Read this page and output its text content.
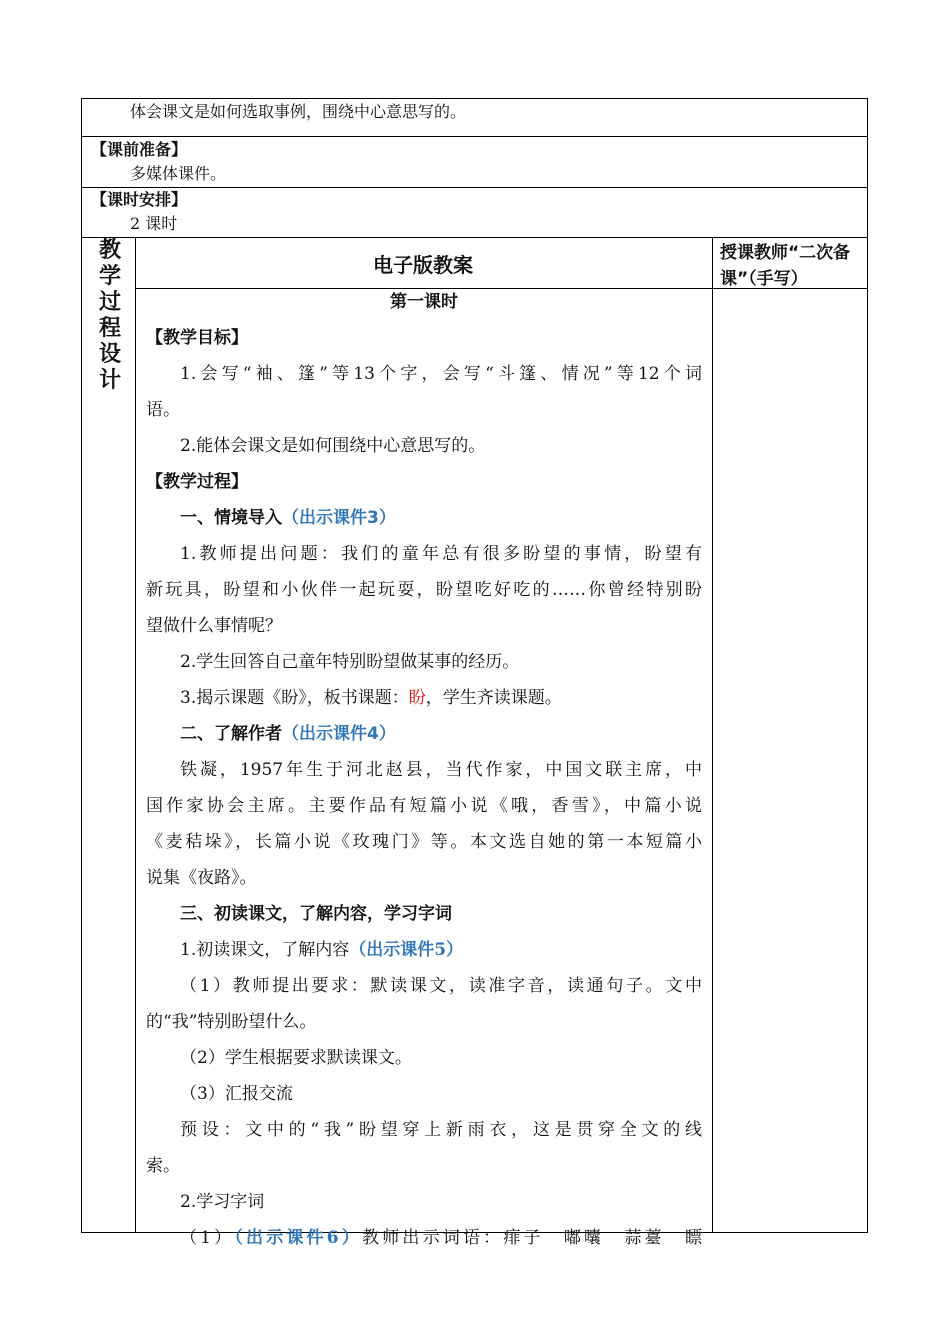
体会课文是如何选取事例，围绕中心意思写的。
【课前准备】
多媒体课件。
【课时安排】
2 课时
教
学
过
程
设
计
电子版教案	授课教师“二次备课”（手写）

第一课时

【教学目标】

1.会写“袖、篷”等13个字，会写“斗篷、情况”等12个词

语。

2.能体会课文是如何围绕中心意思写的。

【教学过程】

一、情境导入（出示课件3）

1.教师提出问题：我们的童年总有很多盼望的事情，盼望有

新玩具，盼望和小伙伴一起玩耍，盼望吃好吃的……你曾经特别盼

望做什么事情呢？

2.学生回答自己童年特别盼望做某事的经历。

3.揭示课题《盼》，板书课题：盼，学生齐读课题。

二、了解作者（出示课件4）

铁凝，1957年生于河北赵县，当代作家，中国文联主席，中

国作家协会主席。主要作品有短篇小说《哦，香雪》，中篇小说

《麦秸垛》，长篇小说《玫瑰门》等。本文选自她的第一本短篇小

说集《夜路》。

三、初读课文，了解内容，学习字词

1.初读课文，了解内容（出示课件5）

（1）教师提出要求：默读课文，读准字音，读通句子。文中

的“我”特别盼望什么。

（2）学生根据要求默读课文。

（3）汇报交流

预设：文中的“我”盼望穿上新雨衣，这是贯穿全文的线

索。

2.学习字词

（1）（出示课件6）教师出示词语：痱子　嘟囔　蒜薹　瞟
